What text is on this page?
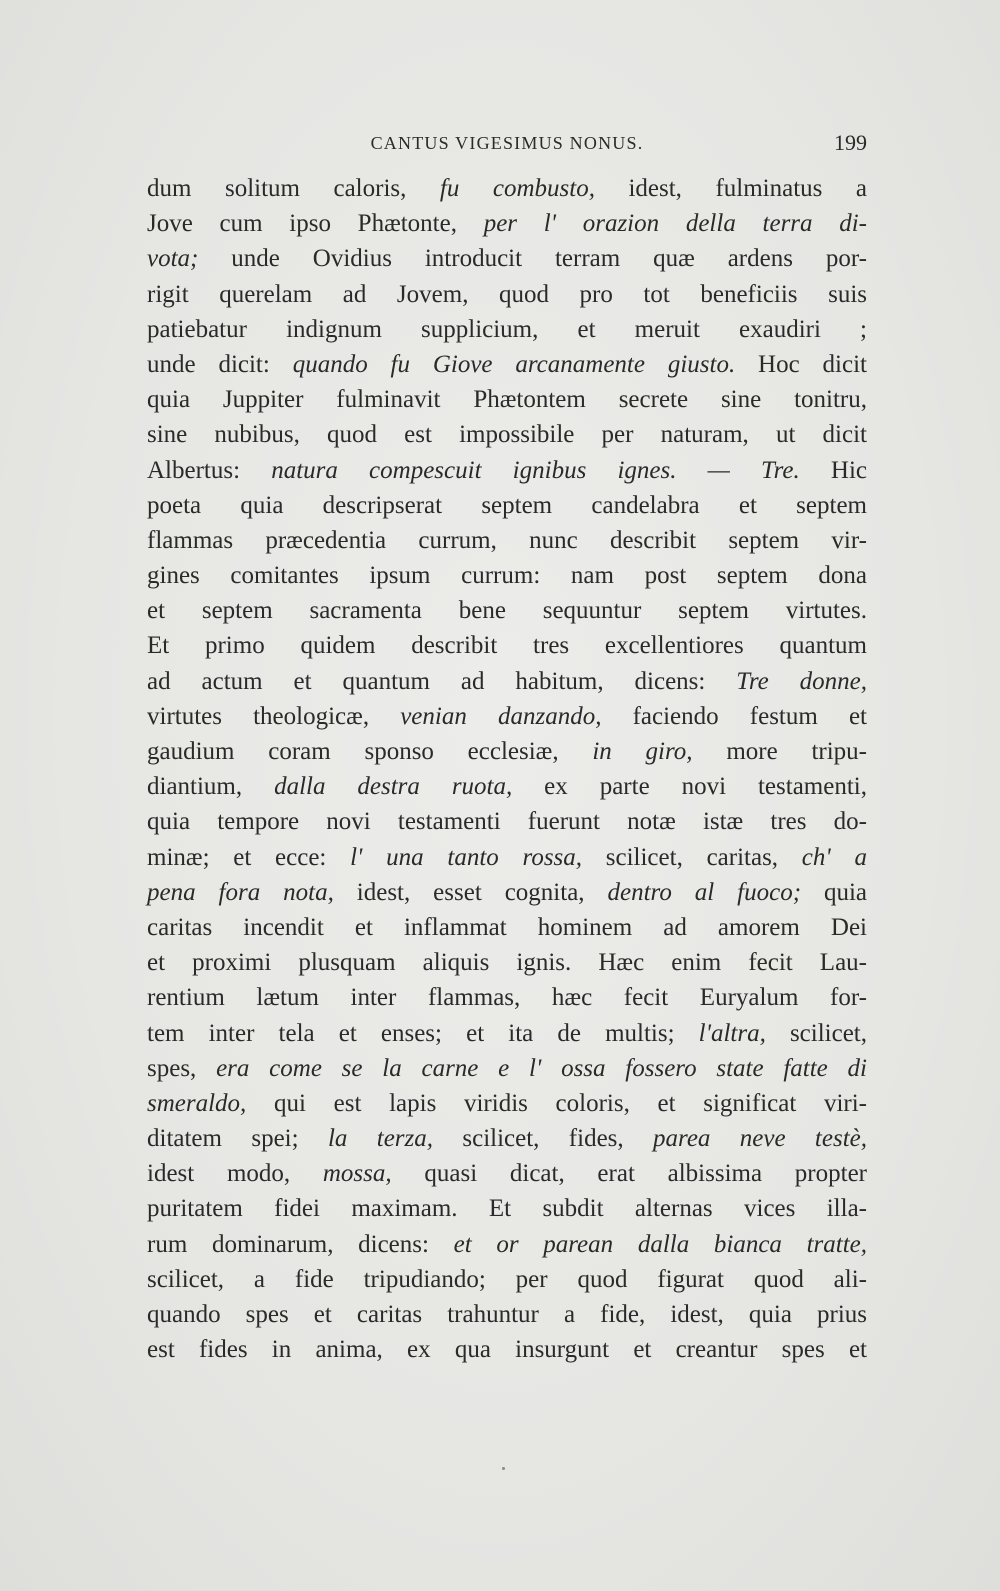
CANTUS VIGESIMUS NONUS.	199
dum solitum caloris, fu combusto, idest, fulminatus a
Jove cum ipso Phætonte, per l' orazion della terra di-
vota; unde Ovidius introducit terram quæ ardens por-
rigit querelam ad Jovem, quod pro tot beneficiis suis
patiebatur indignum supplicium, et meruit exaudiri ;
unde dicit: quando fu Giove arcanamente giusto. Hoc dicit
quia Juppiter fulminavit Phætontem secrete sine tonitru,
sine nubibus, quod est impossibile per naturam, ut dicit
Albertus: natura compescuit ignibus ignes. — Tre. Hic
poeta quia descripserat septem candelabra et septem
flammas præcedentia currum, nunc describit septem vir-
gines comitantes ipsum currum: nam post septem dona
et septem sacramenta bene sequuntur septem virtutes.
Et primo quidem describit tres excellentiores quantum
ad actum et quantum ad habitum, dicens: Tre donne,
virtutes theologicæ, venian danzando, faciendo festum et
gaudium coram sponso ecclesiæ, in giro, more tripu-
diantium, dalla destra ruota, ex parte novi testamenti,
quia tempore novi testamenti fuerunt notæ istæ tres do-
minæ; et ecce: l' una tanto rossa, scilicet, caritas, ch' a
pena fora nota, idest, esset cognita, dentro al fuoco; quia
caritas incendit et inflammat hominem ad amorem Dei
et proximi plusquam aliquis ignis. Hæc enim fecit Lau-
rentium lætum inter flammas, hæc fecit Euryalum for-
tem inter tela et enses; et ita de multis; l'altra, scilicet,
spes, era come se la carne e l' ossa fossero state fatte di
smeraldo, qui est lapis viridis coloris, et significat viri-
ditatem spei; la terza, scilicet, fides, parea neve testè,
idest modo, mossa, quasi dicat, erat albissima propter
puritatem fidei maximam. Et subdit alternas vices illa-
rum dominarum, dicens: et or parean dalla bianca tratte,
scilicet, a fide tripudiando; per quod figurat quod ali-
quando spes et caritas trahuntur a fide, idest, quia prius
est fides in anima, ex qua insurgunt et creantur spes et
